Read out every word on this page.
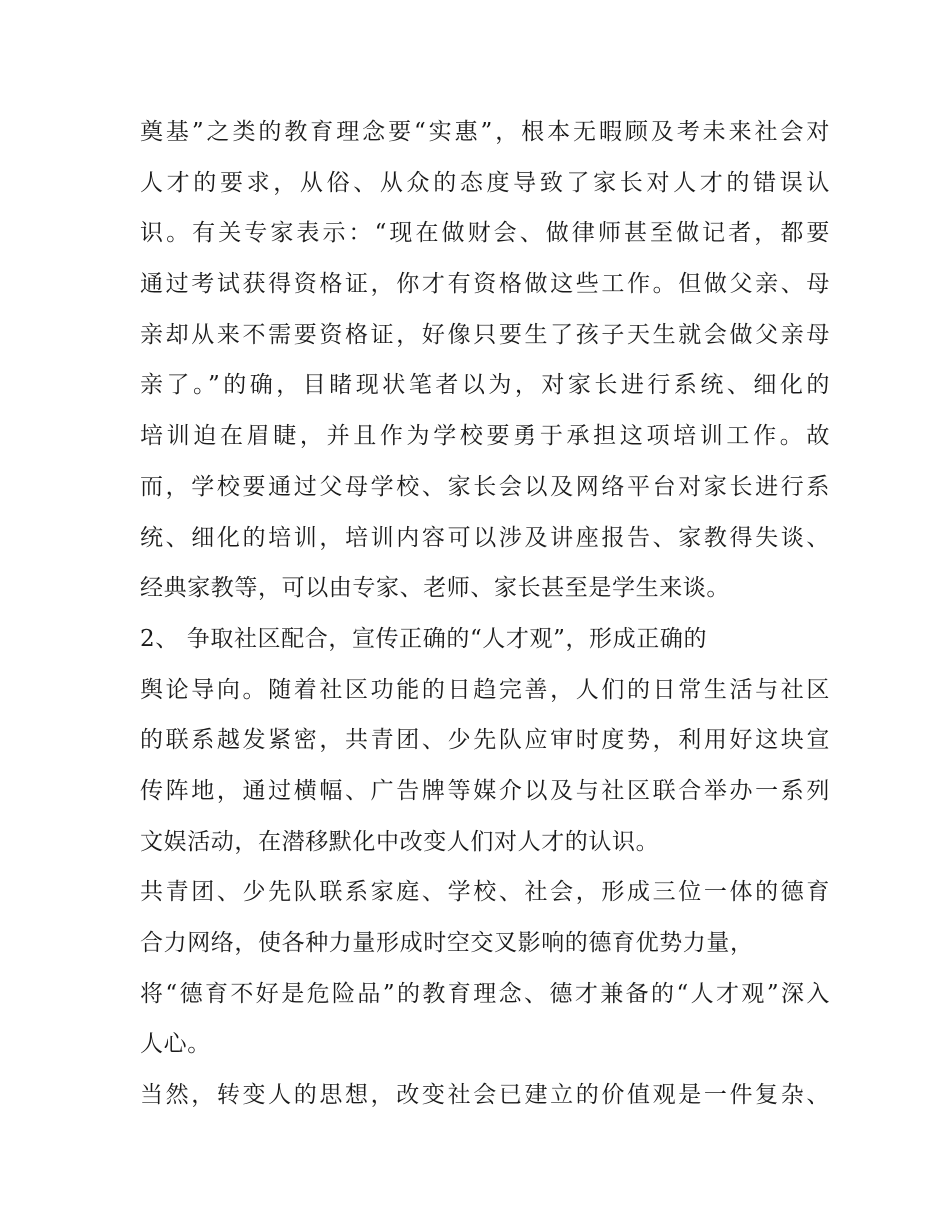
奠基”之类的教育理念要“实惠”，根本无暇顾及考未来社会对
人才的要求，从俗、从众的态度导致了家长对人才的错误认
识。有关专家表示：“现在做财会、做律师甚至做记者，都要
通过考试获得资格证，你才有资格做这些工作。但做父亲、母
亲却从来不需要资格证，好像只要生了孩子天生就会做父亲母
亲了。”的确，目睹现状笔者以为，对家长进行系统、细化的
培训迫在眉睫，并且作为学校要勇于承担这项培训工作。故
而，学校要通过父母学校、家长会以及网络平台对家长进行系
统、细化的培训，培训内容可以涉及讲座报告、家教得失谈、
经典家教等，可以由专家、老师、家长甚至是学生来谈。
2、 争取社区配合，宣传正确的“人才观”，形成正确的
舆论导向。随着社区功能的日趋完善，人们的日常生活与社区
的联系越发紧密，共青团、少先队应审时度势，利用好这块宣
传阵地，通过横幅、广告牌等媒介以及与社区联合举办一系列
文娱活动，在潜移默化中改变人们对人才的认识。
共青团、少先队联系家庭、学校、社会，形成三位一体的德育
合力网络，使各种力量形成时空交叉影响的德育优势力量，
将“德育不好是危险品”的教育理念、德才兼备的“人才观”深入
人心。
当然，转变人的思想，改变社会已建立的价值观是一件复杂、
